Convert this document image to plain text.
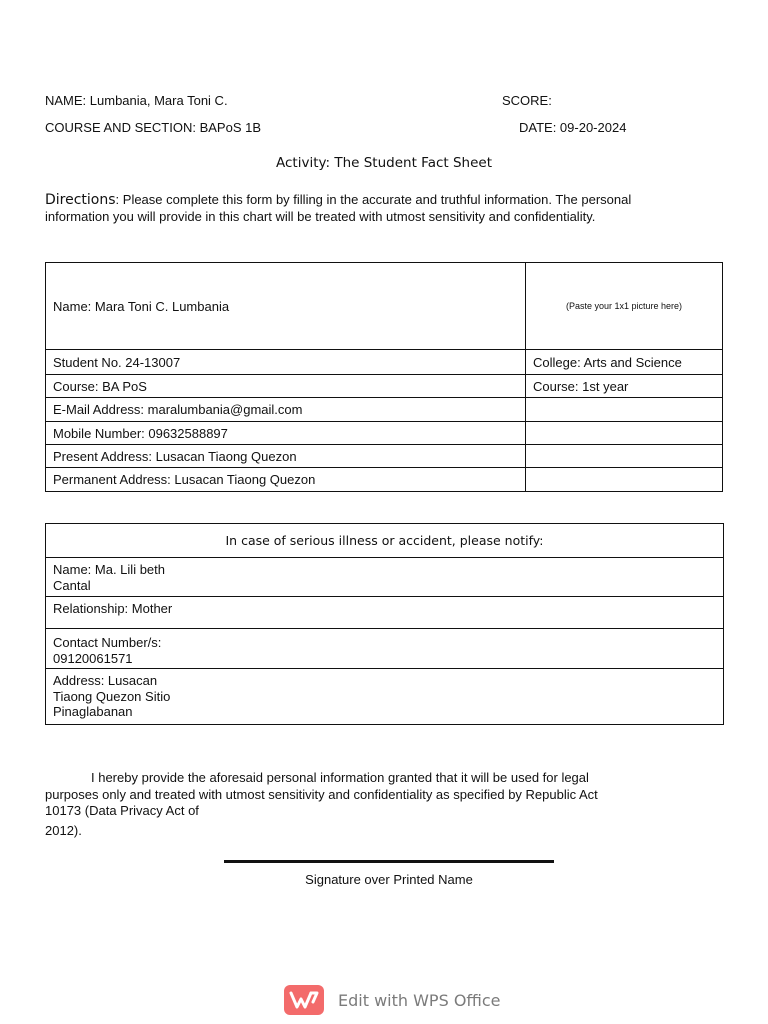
NAME: Lumbania, Mara Toni C.	SCORE:
COURSE AND SECTION: BAPoS 1B	DATE: 09-20-2024
Activity: The Student Fact Sheet
Directions: Please complete this form by filling in the accurate and truthful information. The personal information you will provide in this chart will be treated with utmost sensitivity and confidentiality.
Name: Mara Toni C. Lumbania	(Paste your 1x1 picture here)
Student No. 24-13007	College: Arts and Science
Course: BA PoS	Course: 1st year
E-Mail Address: maralumbania@gmail.com	
Mobile Number: 09632588897	
Present Address: Lusacan Tiaong Quezon	
Permanent Address: Lusacan Tiaong Quezon	
In case of serious illness or accident, please notify:

Name: Ma. Lili beth
Cantal

Relationship: Mother

Contact Number/s:
09120061571

Address: Lusacan
Tiaong Quezon Sitio
Pinaglabanan
I hereby provide the aforesaid personal information granted that it will be used for legal
purposes only and treated with utmost sensitivity and confidentiality as specified by Republic Act
10173 (Data Privacy Act of
2012).
Signature over Printed Name
Edit with WPS Office
